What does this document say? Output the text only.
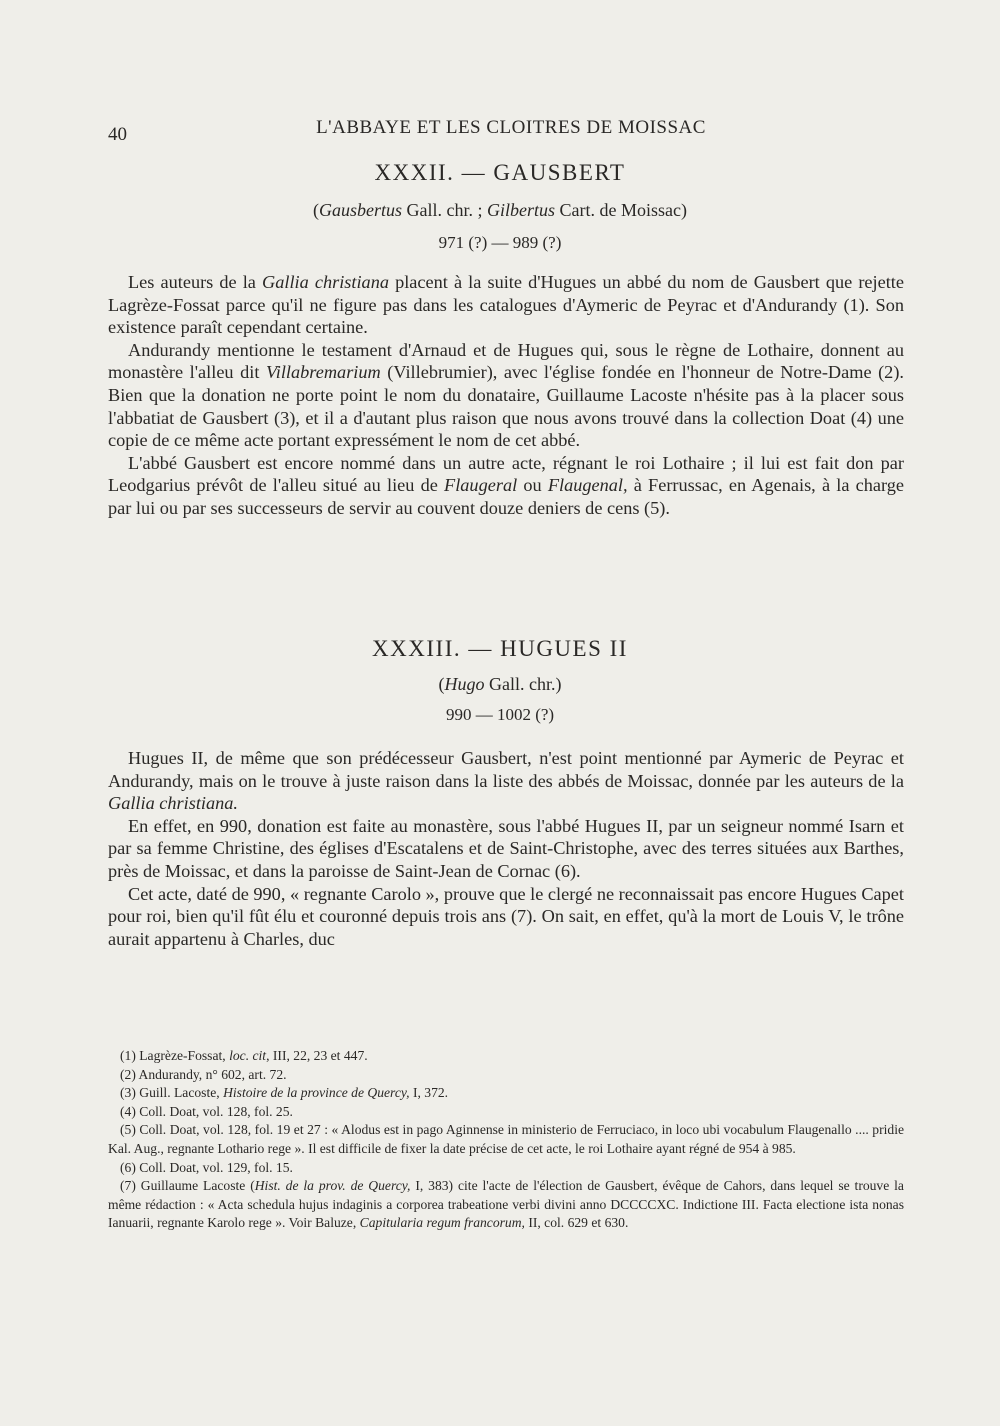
40	L'ABBAYE ET LES CLOITRES DE MOISSAC
XXXII. — GAUSBERT
(Gausbertus Gall. chr. ; Gilbertus Cart. de Moissac)
971 (?) — 989 (?)

Les auteurs de la Gallia christiana placent à la suite d'Hugues un abbé du nom de Gausbert que rejette Lagrèze-Fossat parce qu'il ne figure pas dans les catalogues d'Aymeric de Peyrac et d'Andurandy (1). Son existence paraît cependant certaine.

Andurandy mentionne le testament d'Arnaud et de Hugues qui, sous le règne de Lothaire, donnent au monastère l'alleu dit Villabremarium (Villebrumier), avec l'église fondée en l'honneur de Notre-Dame (2). Bien que la donation ne porte point le nom du donataire, Guillaume Lacoste n'hésite pas à la placer sous l'abbatiat de Gausbert (3), et il a d'autant plus raison que nous avons trouvé dans la collection Doat (4) une copie de ce même acte portant expressément le nom de cet abbé.

L'abbé Gausbert est encore nommé dans un autre acte, régnant le roi Lothaire ; il lui est fait don par Leodgarius prévôt de l'alleu situé au lieu de Flaugeral ou Flaugenal, à Ferrussac, en Agenais, à la charge par lui ou par ses successeurs de servir au couvent douze deniers de cens (5).

XXXIII. — HUGUES II
(Hugo Gall. chr.)
990 — 1002 (?)

Hugues II, de même que son prédécesseur Gausbert, n'est point mentionné par Aymeric de Peyrac et Andurandy, mais on le trouve à juste raison dans la liste des abbés de Moissac, donnée par les auteurs de la Gallia christiana.

En effet, en 990, donation est faite au monastère, sous l'abbé Hugues II, par un seigneur nommé Isarn et par sa femme Christine, des églises d'Escatalens et de Saint-Christophe, avec des terres situées aux Barthes, près de Moissac, et dans la paroisse de Saint-Jean de Cornac (6).

Cet acte, daté de 990, « regnante Carolo », prouve que le clergé ne reconnaissait pas encore Hugues Capet pour roi, bien qu'il fût élu et couronné depuis trois ans (7). On sait, en effet, qu'à la mort de Louis V, le trône aurait appartenu à Charles, duc

(1) Lagrèze-Fossat, loc. cit, III, 22, 23 et 447.
(2) Andurandy, n° 602, art. 72.
(3) Guill. Lacoste, Histoire de la province de Quercy, I, 372.
(4) Coll. Doat, vol. 128, fol. 25.
(5) Coll. Doat, vol. 128, fol. 19 et 27 : « Alodus est in pago Aginnense in ministerio de Ferruciaco, in loco ubi vocabulum Flaugenallo .... pridie Kal. Aug., regnante Lothario rege ». Il est difficile de fixer la date précise de cet acte, le roi Lothaire ayant régné de 954 à 985.
(6) Coll. Doat, vol. 129, fol. 15.
(7) Guillaume Lacoste (Hist. de la prov. de Quercy, I, 383) cite l'acte de l'élection de Gausbert, évêque de Cahors, dans lequel se trouve la même rédaction : « Acta schedula hujus indaginis a corporea trabeatione verbi divini anno DCCCCXC. Indictione III. Facta electione ista nonas Ianuarii, regnante Karolo rege ». Voir Baluze, Capitularia regum francorum, II, col. 629 et 630.
